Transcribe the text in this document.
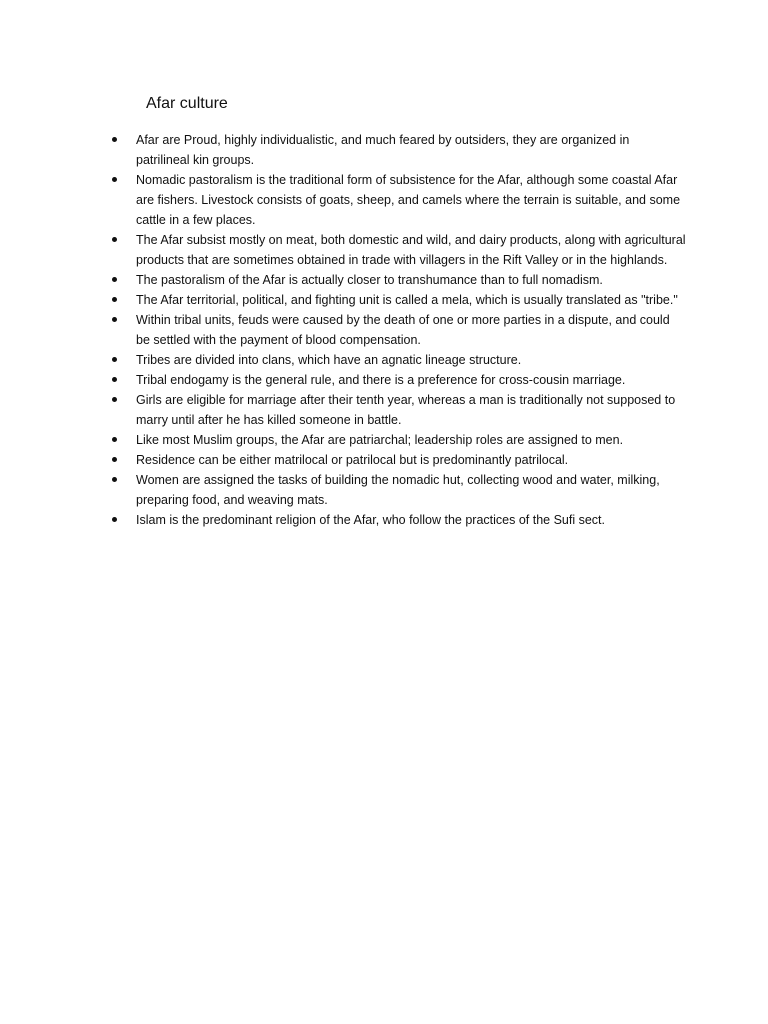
Afar culture
Afar are Proud, highly individualistic, and much feared by outsiders, they are organized in patrilineal kin groups.
Nomadic pastoralism is the traditional form of subsistence for the Afar, although some coastal Afar are fishers. Livestock consists of goats, sheep, and camels where the terrain is suitable, and some cattle in a few places.
The Afar subsist mostly on meat, both domestic and wild, and dairy products, along with agricultural products that are sometimes obtained in trade with villagers in the Rift Valley or in the highlands.
The pastoralism of the Afar is actually closer to transhumance than to full nomadism.
The Afar territorial, political, and fighting unit is called a mela, which is usually translated as "tribe."
Within tribal units, feuds were caused by the death of one or more parties in a dispute, and could be settled with the payment of blood compensation.
Tribes are divided into clans, which have an agnatic lineage structure.
Tribal endogamy is the general rule, and there is a preference for cross-cousin marriage.
Girls are eligible for marriage after their tenth year, whereas a man is traditionally not supposed to marry until after he has killed someone in battle.
Like most Muslim groups, the Afar are patriarchal; leadership roles are assigned to men.
Residence can be either matrilocal or patrilocal but is predominantly patrilocal.
Women are assigned the tasks of building the nomadic hut, collecting wood and water, milking, preparing food, and weaving mats.
Islam is the predominant religion of the Afar, who follow the practices of the Sufi sect.
